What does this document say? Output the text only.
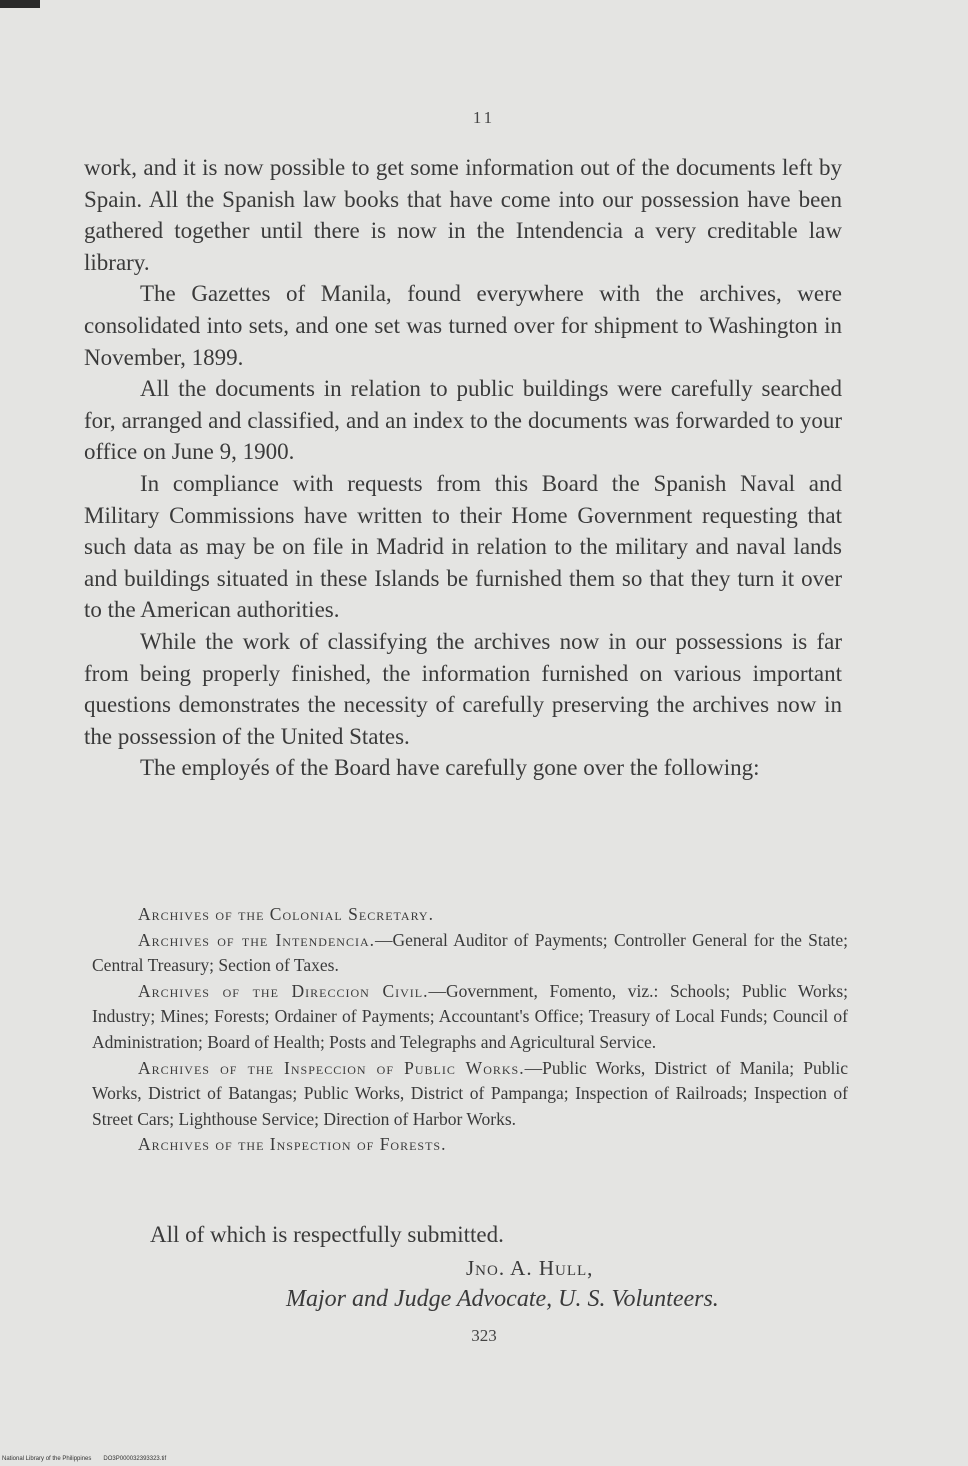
11

work, and it is now possible to get some information out of the documents left by Spain. All the Spanish law books that have come into our possession have been gathered together until there is now in the Intendencia a very creditable law library.

The Gazettes of Manila, found everywhere with the archives, were consolidated into sets, and one set was turned over for shipment to Washington in November, 1899.

All the documents in relation to public buildings were carefully searched for, arranged and classified, and an index to the documents was forwarded to your office on June 9, 1900.

In compliance with requests from this Board the Spanish Naval and Military Commissions have written to their Home Government requesting that such data as may be on file in Madrid in relation to the military and naval lands and buildings situated in these Islands be furnished them so that they turn it over to the American authorities.

While the work of classifying the archives now in our possessions is far from being properly finished, the information furnished on various important questions demonstrates the necessity of carefully preserving the archives now in the possession of the United States.

The employés of the Board have carefully gone over the following:

Archives of the Colonial Secretary.

Archives of the Intendencia.—General Auditor of Payments; Controller General for the State; Central Treasury; Section of Taxes.

Archives of the Direccion Civil.—Government, Fomento, viz.: Schools; Public Works; Industry; Mines; Forests; Ordainer of Payments; Accountant's Office; Treasury of Local Funds; Council of Administration; Board of Health; Posts and Telegraphs and Agricultural Service.

Archives of the Inspeccion of Public Works.—Public Works, District of Manila; Public Works, District of Batangas; Public Works, District of Pampanga; Inspection of Railroads; Inspection of Street Cars; Lighthouse Service; Direction of Harbor Works.

Archives of the Inspection of Forests.

All of which is respectfully submitted.
Jno. A. Hull,
Major and Judge Advocate, U. S. Volunteers.
323
National Library of the Philippines DO3P000032393323.tif
